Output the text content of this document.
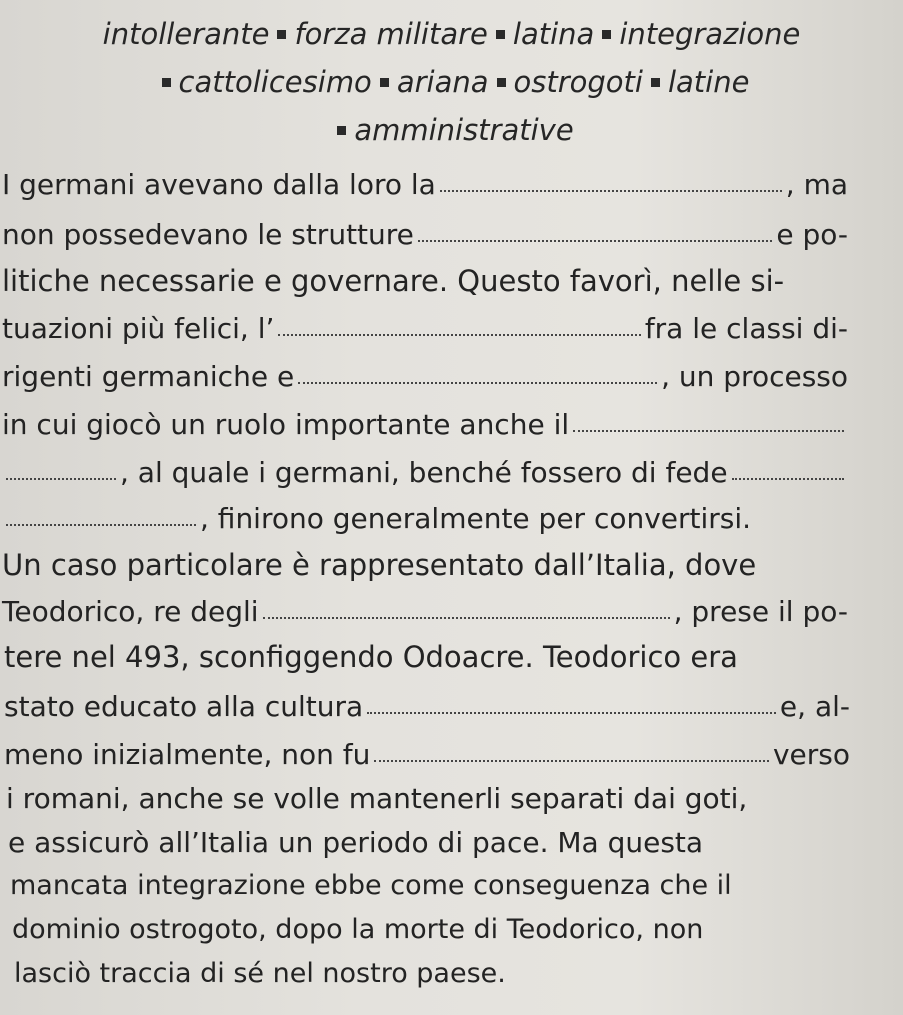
intollerante forza militare latina integrazione
cattolicesimo ariana ostrogoti latine
amministrative
I germani avevano dalla loro la	, ma
non possedevano le strutture	e po-
litiche necessarie e governare. Questo favorì, nelle si-
tuazioni più felici, l’	fra le classi di-
rigenti germaniche e	, un processo
in cui giocò un ruolo importante anche il
, al quale i germani, benché fossero di fede
, finirono generalmente per convertirsi.
Un caso particolare è rappresentato dall’Italia, dove
Teodorico, re degli	, prese il po-
tere nel 493, sconfiggendo Odoacre. Teodorico era
stato educato alla cultura	e, al-
meno inizialmente, non fu	verso
i romani, anche se volle mantenerli separati dai goti,
e assicurò all’Italia un periodo di pace. Ma questa
mancata integrazione ebbe come conseguenza che il
dominio ostrogoto, dopo la morte di Teodorico, non
lasciò traccia di sé nel nostro paese.
